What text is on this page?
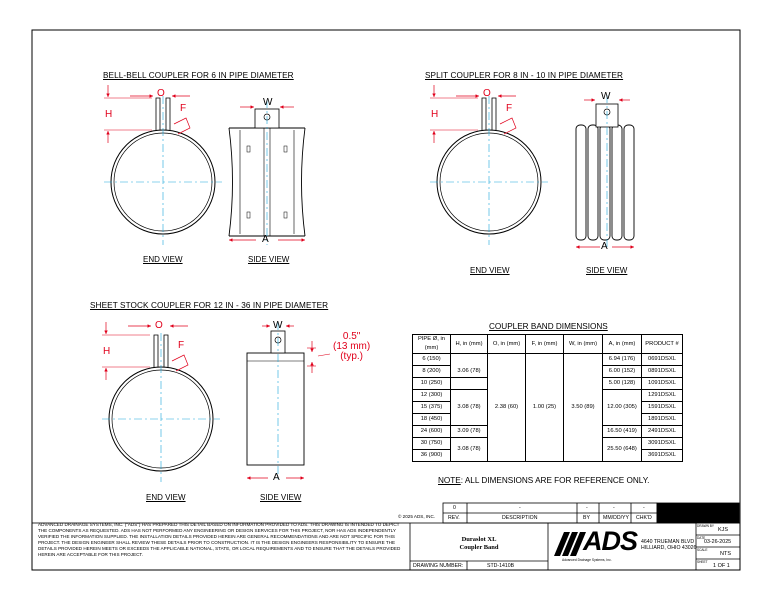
BELL-BELL COUPLER FOR 6 IN PIPE DIAMETER	SPLIT COUPLER FOR 8 IN - 10 IN PIPE DIAMETER
SHEET STOCK COUPLER FOR 12 IN - 36 IN PIPE DIAMETER
END VIEW	SIDE VIEW
END VIEW	SIDE VIEW
END VIEW	SIDE VIEW
O
H
F
W
A
O
H
F
W
A
O
H
F
W
A
0.5"
(13 mm)
(typ.)
COUPLER BAND DIMENSIONS
PIPE Ø, in (mm)	H, in (mm)	O, in (mm)	F, in (mm)	W, in (mm)	A, in (mm)	PRODUCT #
6 (150)		2.38 (60)	1.00 (25)	3.50 (89)	6.94 (176)	0691DSXL
8 (200)	3.06 (78)				6.00 (152)	0891DSXL
10 (250)					5.00 (128)	1091DSXL
12 (300)	3.08 (78)				12.00 (305)	1291DSXL
15 (375)						1591DSXL
18 (450)						1891DSXL
24 (600)	3.09 (78)				16.50 (419)	2491DSXL
30 (750)	3.08 (78)				25.50 (648)	3091DSXL
36 (900)						3691DSXL
NOTE: ALL DIMENSIONS ARE FOR REFERENCE ONLY.
© 2025 ADS, INC.
0	-	-	-	-
REV.	DESCRIPTION	BY	MM/DD/YY CHK'D
ADVANCED DRAINAGE SYSTEMS, INC. ("ADS") HAS PREPARED THIS DETAIL BASED ON INFORMATION PROVIDED TO ADS. THIS DRAWING IS INTENDED TO DEPICT THE COMPONENTS AS REQUESTED. ADS HAS NOT PERFORMED ANY ENGINEERING OR DESIGN SERVICES FOR THIS PROJECT, NOR HAS ADS INDEPENDENTLY VERIFIED THE INFORMATION SUPPLIED. THE INSTALLATION DETAILS PROVIDED HEREIN ARE GENERAL RECOMMENDATIONS AND ARE NOT SPECIFIC FOR THIS PROJECT. THE DESIGN ENGINEER SHALL REVIEW THESE DETAILS PRIOR TO CONSTRUCTION. IT IS THE DESIGN ENGINEERS RESPONSIBILITY TO ENSURE THE DETAILS PROVIDED HEREIN MEETS OR EXCEEDS THE APPLICABLE NATIONAL, STATE, OR LOCAL REQUIREMENTS AND TO ENSURE THAT THE DETAILS PROVIDED HEREIN ARE ACCEPTABLE FOR THIS PROJECT.
Duraslot XL
Coupler Band
DRAWING NUMBER:	STD-1410B
ADS
Advanced Drainage Systems, Inc.
4640 TRUEMAN BLVD
HILLIARD, OHIO 43026
DRAWN BY
KJS
DATE
03-26-2025
SCALE
NTS
SHEET
1 OF 1
